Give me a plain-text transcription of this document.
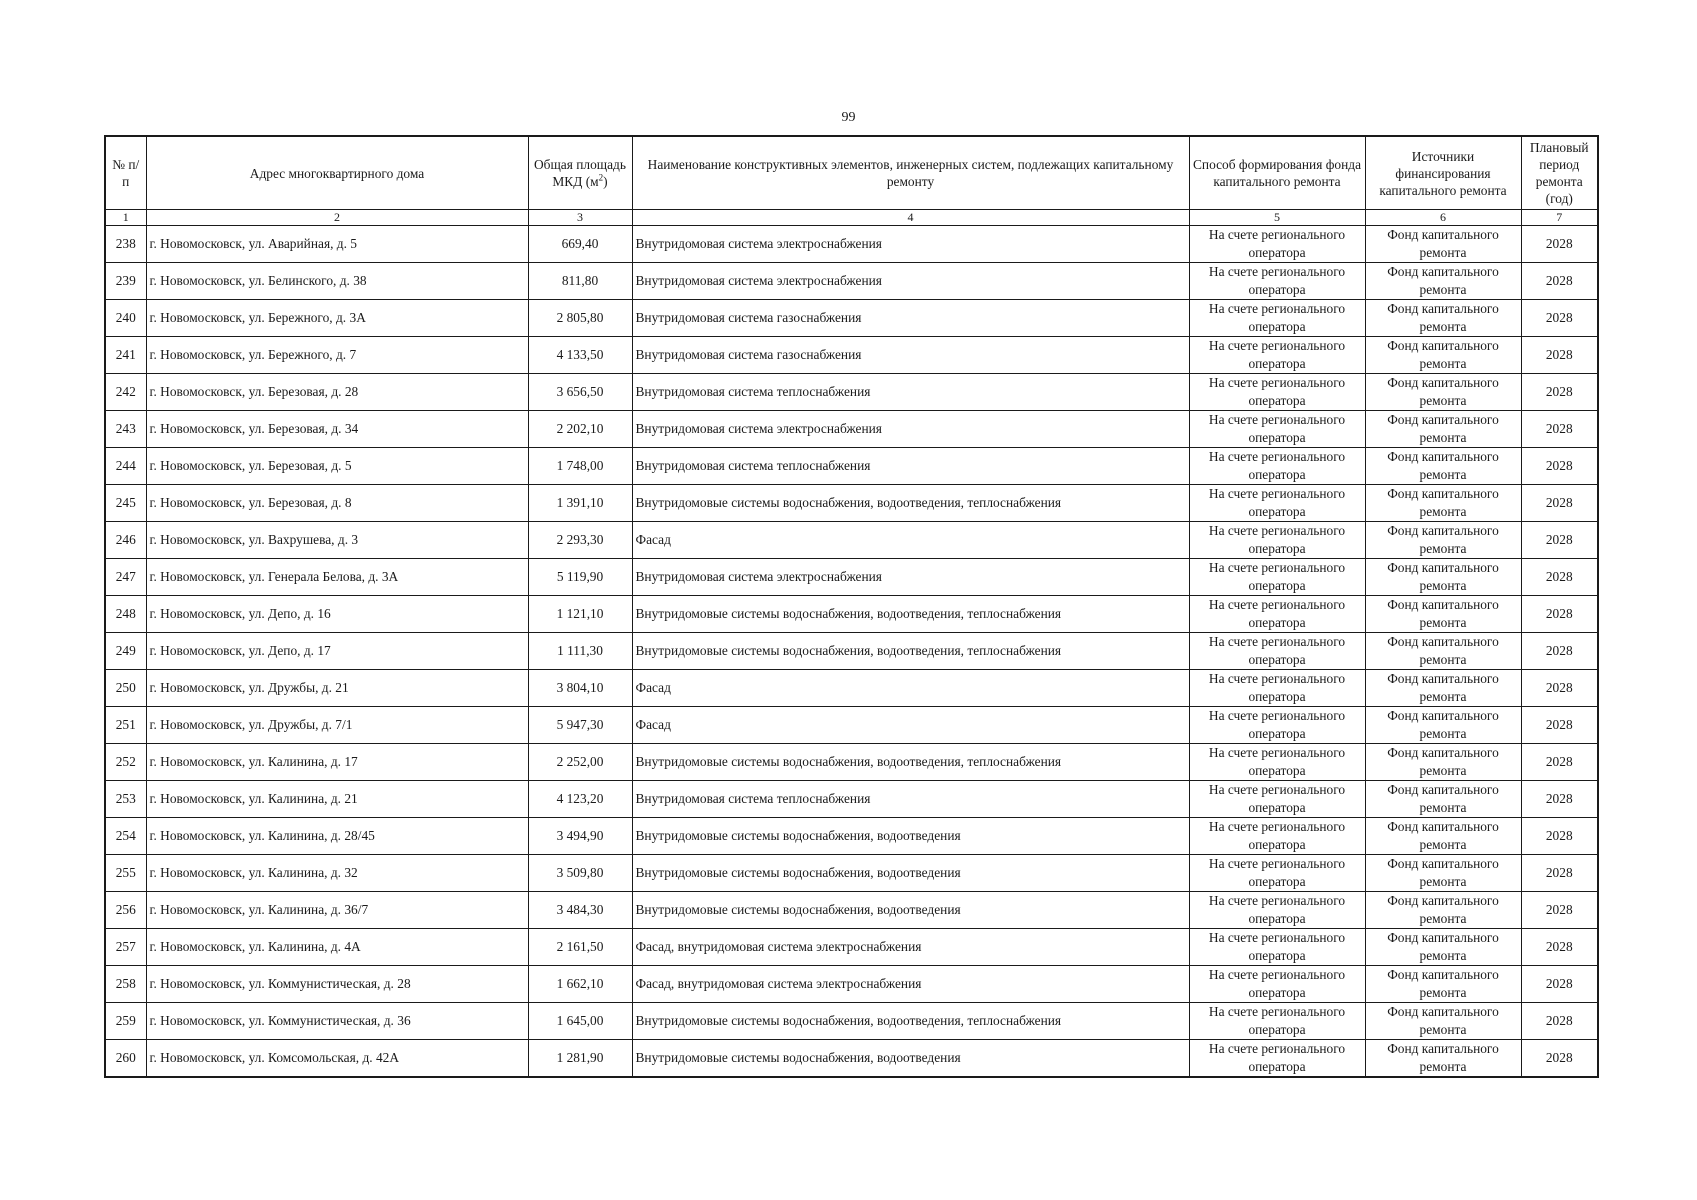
99
№ п/п	Адрес многоквартирного дома	Общая площадь МКД $(м^2)$	Наименование конструктивных элементов, инженерных систем, подлежащих капитальному ремонту	Способ формирования фонда капитального ремонта	Источники финансирования капитального ремонта	Плановый период ремонта (год)
1	2	3	4	5	6	7
238	г. Новомосковск, ул. Аварийная, д. 5	669,40	Внутридомовая система электроснабжения	На счете регионального оператора	Фонд капитального ремонта	2028
239	г. Новомосковск, ул. Белинского, д. 38	811,80	Внутридомовая система электроснабжения	На счете регионального оператора	Фонд капитального ремонта	2028
240	г. Новомосковск, ул. Бережного, д. 3А	2 805,80	Внутридомовая система газоснабжения	На счете регионального оператора	Фонд капитального ремонта	2028
241	г. Новомосковск, ул. Бережного, д. 7	4 133,50	Внутридомовая система газоснабжения	На счете регионального оператора	Фонд капитального ремонта	2028
242	г. Новомосковск, ул. Березовая, д. 28	3 656,50	Внутридомовая система теплоснабжения	На счете регионального оператора	Фонд капитального ремонта	2028
243	г. Новомосковск, ул. Березовая, д. 34	2 202,10	Внутридомовая система электроснабжения	На счете регионального оператора	Фонд капитального ремонта	2028
244	г. Новомосковск, ул. Березовая, д. 5	1 748,00	Внутридомовая система теплоснабжения	На счете регионального оператора	Фонд капитального ремонта	2028
245	г. Новомосковск, ул. Березовая, д. 8	1 391,10	Внутридомовые системы водоснабжения, водоотведения, теплоснабжения	На счете регионального оператора	Фонд капитального ремонта	2028
246	г. Новомосковск, ул. Вахрушева, д. 3	2 293,30	Фасад	На счете регионального оператора	Фонд капитального ремонта	2028
247	г. Новомосковск, ул. Генерала Белова, д. 3А	5 119,90	Внутридомовая система электроснабжения	На счете регионального оператора	Фонд капитального ремонта	2028
248	г. Новомосковск, ул. Депо, д. 16	1 121,10	Внутридомовые системы водоснабжения, водоотведения, теплоснабжения	На счете регионального оператора	Фонд капитального ремонта	2028
249	г. Новомосковск, ул. Депо, д. 17	1 111,30	Внутридомовые системы водоснабжения, водоотведения, теплоснабжения	На счете регионального оператора	Фонд капитального ремонта	2028
250	г. Новомосковск, ул. Дружбы, д. 21	3 804,10	Фасад	На счете регионального оператора	Фонд капитального ремонта	2028
251	г. Новомосковск, ул. Дружбы, д. 7/1	5 947,30	Фасад	На счете регионального оператора	Фонд капитального ремонта	2028
252	г. Новомосковск, ул. Калинина, д. 17	2 252,00	Внутридомовые системы водоснабжения, водоотведения, теплоснабжения	На счете регионального оператора	Фонд капитального ремонта	2028
253	г. Новомосковск, ул. Калинина, д. 21	4 123,20	Внутридомовая система теплоснабжения	На счете регионального оператора	Фонд капитального ремонта	2028
254	г. Новомосковск, ул. Калинина, д. 28/45	3 494,90	Внутридомовые системы водоснабжения, водоотведения	На счете регионального оператора	Фонд капитального ремонта	2028
255	г. Новомосковск, ул. Калинина, д. 32	3 509,80	Внутридомовые системы водоснабжения, водоотведения	На счете регионального оператора	Фонд капитального ремонта	2028
256	г. Новомосковск, ул. Калинина, д. 36/7	3 484,30	Внутридомовые системы водоснабжения, водоотведения	На счете регионального оператора	Фонд капитального ремонта	2028
257	г. Новомосковск, ул. Калинина, д. 4А	2 161,50	Фасад, внутридомовая система электроснабжения	На счете регионального оператора	Фонд капитального ремонта	2028
258	г. Новомосковск, ул. Коммунистическая, д. 28	1 662,10	Фасад, внутридомовая система электроснабжения	На счете регионального оператора	Фонд капитального ремонта	2028
259	г. Новомосковск, ул. Коммунистическая, д. 36	1 645,00	Внутридомовые системы водоснабжения, водоотведения, теплоснабжения	На счете регионального оператора	Фонд капитального ремонта	2028
260	г. Новомосковск, ул. Комсомольская, д. 42А	1 281,90	Внутридомовые системы водоснабжения, водоотведения	На счете регионального оператора	Фонд капитального ремонта	2028
